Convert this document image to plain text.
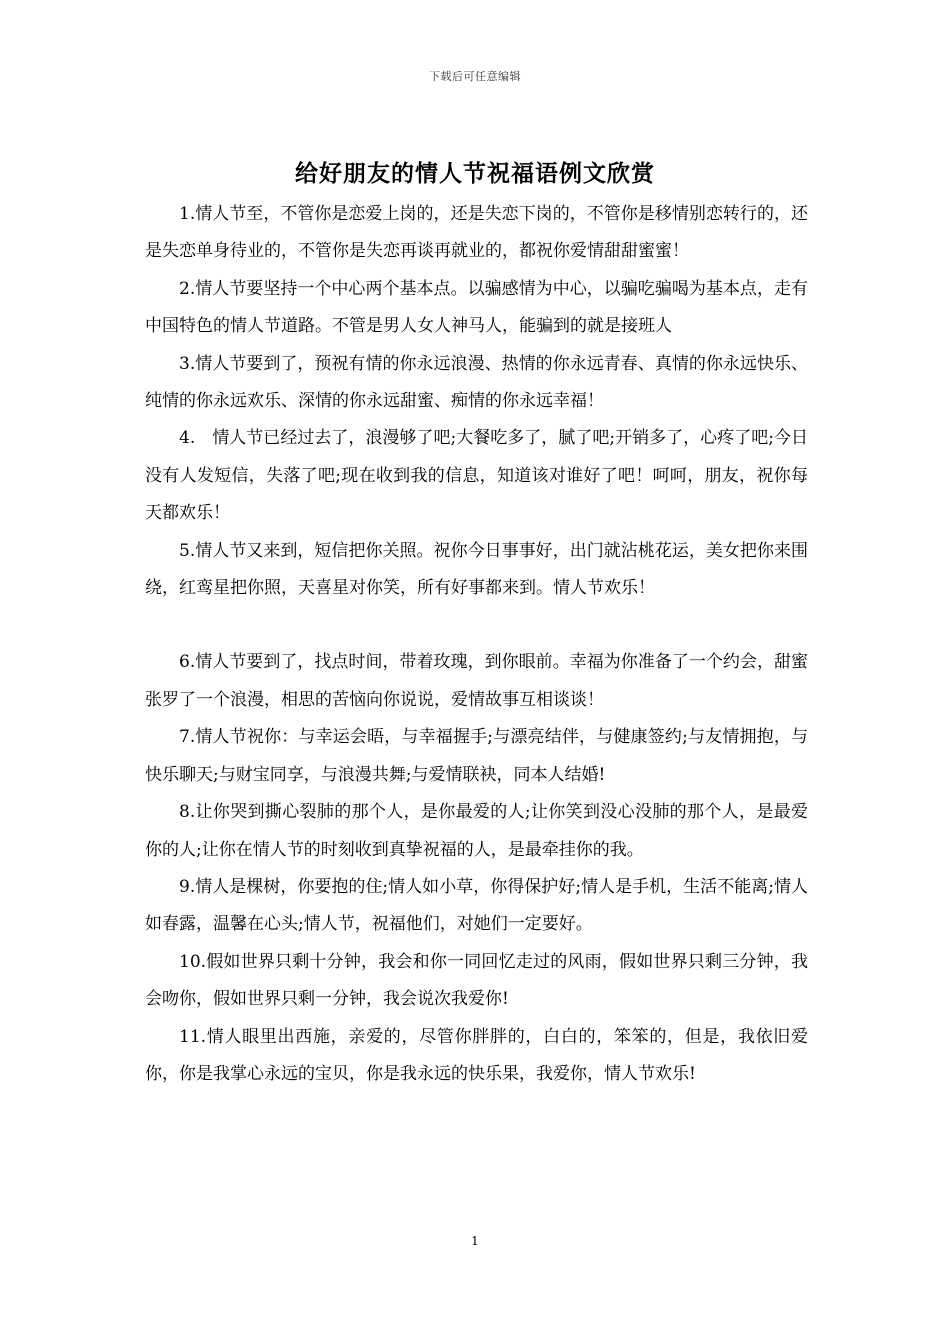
下载后可任意编辑
给好朋友的情人节祝福语例文欣赏

1.情人节至，不管你是恋爱上岗的，还是失恋下岗的，不管你是移情别恋转行的，还是失恋单身待业的，不管你是失恋再谈再就业的，都祝你爱情甜甜蜜蜜！

2.情人节要坚持一个中心两个基本点。以骗感情为中心，以骗吃骗喝为基本点，走有中国特色的情人节道路。不管是男人女人神马人，能骗到的就是接班人

3.情人节要到了，预祝有情的你永远浪漫、热情的你永远青春、真情的你永远快乐、纯情的你永远欢乐、深情的你永远甜蜜、痴情的你永远幸福！

4.　情人节已经过去了，浪漫够了吧;大餐吃多了，腻了吧;开销多了，心疼了吧;今日没有人发短信，失落了吧;现在收到我的信息，知道该对谁好了吧！呵呵，朋友，祝你每天都欢乐！

5.情人节又来到，短信把你关照。祝你今日事事好，出门就沾桃花运，美女把你来围绕，红鸾星把你照，天喜星对你笑，所有好事都来到。情人节欢乐！

6.情人节要到了，找点时间，带着玫瑰，到你眼前。幸福为你准备了一个约会，甜蜜张罗了一个浪漫，相思的苦恼向你说说，爱情故事互相谈谈！

7.情人节祝你：与幸运会晤，与幸福握手;与漂亮结伴，与健康签约;与友情拥抱，与快乐聊天;与财宝同享，与浪漫共舞;与爱情联袂，同本人结婚!

8.让你哭到撕心裂肺的那个人，是你最爱的人;让你笑到没心没肺的那个人，是最爱你的人;让你在情人节的时刻收到真挚祝福的人，是最牵挂你的我。

9.情人是棵树，你要抱的住;情人如小草，你得保护好;情人是手机，生活不能离;情人如春露，温馨在心头;情人节，祝福他们，对她们一定要好。

10.假如世界只剩十分钟，我会和你一同回忆走过的风雨，假如世界只剩三分钟，我会吻你，假如世界只剩一分钟，我会说次我爱你!

11.情人眼里出西施，亲爱的，尽管你胖胖的，白白的，笨笨的，但是，我依旧爱你，你是我掌心永远的宝贝，你是我永远的快乐果，我爱你，情人节欢乐!

1
